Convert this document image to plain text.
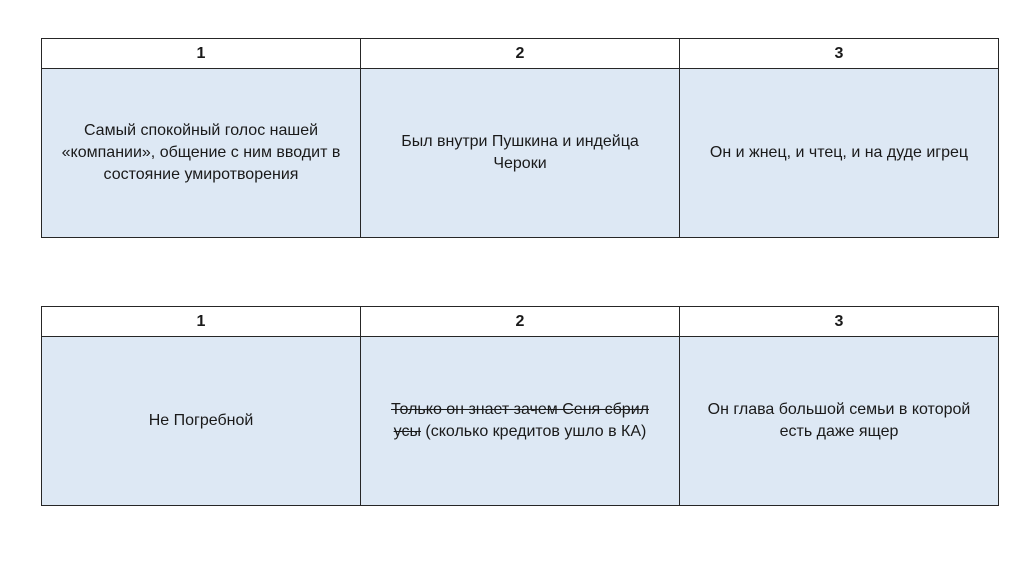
1	2	3
Самый спокойный голос нашей «компании», общение с ним вводит в состояние умиротворения	Был внутри Пушкина и индейца Чероки	Он и жнец, и чтец, и на дуде игрец
1	2	3
Не Погребной	Только он знает зачем Сеня сбрил усы (сколько кредитов ушло в КА)	Он глава большой семьи в которой есть даже ящер
